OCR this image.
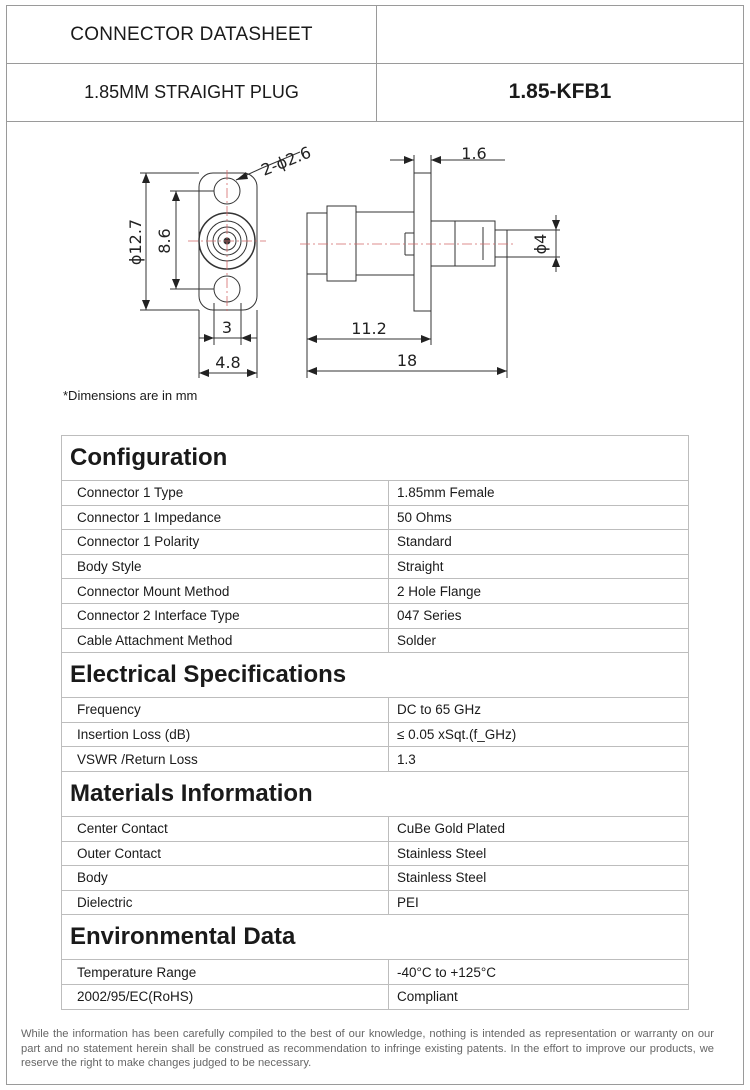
CONNECTOR DATASHEET
1.85MM STRAIGHT PLUG	1.85-KFB1
2-ϕ2.6
ϕ12.7 8.6
3
4.8
1.6
11.2
18
ϕ4
*Dimensions are in mm
Configuration
Connector 1 Type	1.85mm Female
Connector 1 Impedance	50 Ohms
Connector 1 Polarity	Standard
Body Style	Straight
Connector Mount Method	2 Hole Flange
Connector 2 Interface Type	047 Series
Cable Attachment Method	Solder
Electrical Specifications
Frequency	DC to 65 GHz
Insertion Loss (dB)	≤ 0.05 xSqt.(f_GHz)
VSWR /Return Loss	1.3
Materials Information
Center Contact	CuBe Gold Plated
Outer Contact	Stainless Steel
Body	Stainless Steel
Dielectric	PEI
Environmental Data
Temperature Range	-40°C to +125°C
2002/95/EC(RoHS)	Compliant
While the information has been carefully compiled to the best of our knowledge, nothing is intended as representation or warranty on our part and no statement herein shall be construed as recommendation to infringe existing patents. In the effort to improve our products, we reserve the right to make changes judged to be necessary.
